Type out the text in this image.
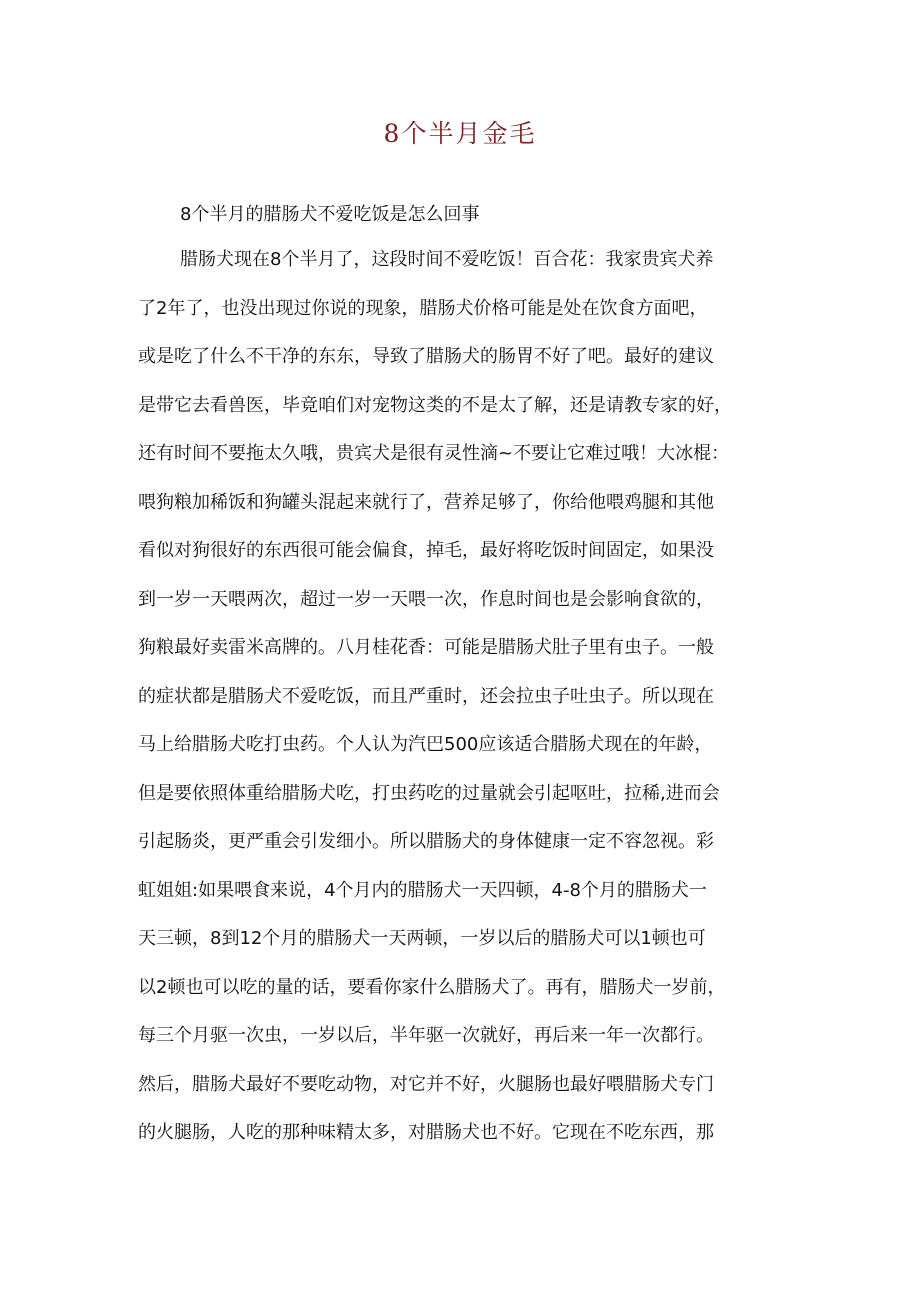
8个半月金毛
8个半月的腊肠犬不爱吃饭是怎么回事
腊肠犬现在8个半月了，这段时间不爱吃饭！百合花：我家贵宾犬养
了2年了，也没出现过你说的现象，腊肠犬价格可能是处在饮食方面吧，
或是吃了什么不干净的东东，导致了腊肠犬的肠胃不好了吧。最好的建议
是带它去看兽医，毕竟咱们对宠物这类的不是太了解，还是请教专家的好，
还有时间不要拖太久哦，贵宾犬是很有灵性滴~不要让它难过哦！大冰棍：
喂狗粮加稀饭和狗罐头混起来就行了，营养足够了，你给他喂鸡腿和其他
看似对狗很好的东西很可能会偏食，掉毛，最好将吃饭时间固定，如果没
到一岁一天喂两次，超过一岁一天喂一次，作息时间也是会影响食欲的，
狗粮最好卖雷米高牌的。八月桂花香：可能是腊肠犬肚子里有虫子。一般
的症状都是腊肠犬不爱吃饭，而且严重时，还会拉虫子吐虫子。所以现在
马上给腊肠犬吃打虫药。个人认为汽巴500应该适合腊肠犬现在的年龄，
但是要依照体重给腊肠犬吃，打虫药吃的过量就会引起呕吐，拉稀,进而会
引起肠炎，更严重会引发细小。所以腊肠犬的身体健康一定不容忽视。彩
虹姐姐:如果喂食来说，4个月内的腊肠犬一天四顿，4-8个月的腊肠犬一
天三顿，8到12个月的腊肠犬一天两顿，一岁以后的腊肠犬可以1顿也可
以2顿也可以吃的量的话，要看你家什么腊肠犬了。再有，腊肠犬一岁前，
每三个月驱一次虫，一岁以后，半年驱一次就好，再后来一年一次都行。
然后，腊肠犬最好不要吃动物，对它并不好，火腿肠也最好喂腊肠犬专门
的火腿肠，人吃的那种味精太多，对腊肠犬也不好。它现在不吃东西，那
